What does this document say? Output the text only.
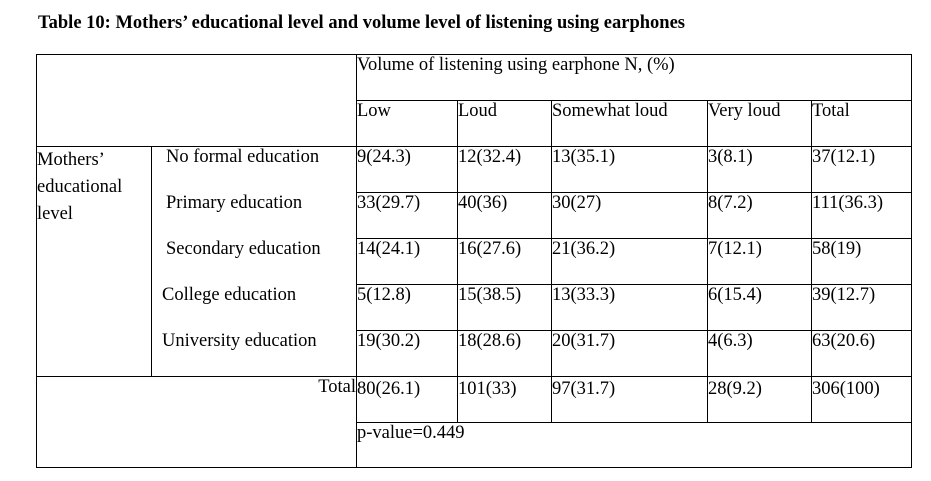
Table 10: Mothers’ educational level and volume level of listening using earphones
		Volume of listening using earphone N, (%)				
		Low	Loud	Somewhat loud	Very loud	Total
Mothers’ educational level	No formal education	9(24.3)	12(32.4)	13(35.1)	3(8.1)	37(12.1)
	Primary education	33(29.7)	40(36)	30(27)	8(7.2)	111(36.3)
	Secondary education	14(24.1)	16(27.6)	21(36.2)	7(12.1)	58(19)
	College education	5(12.8)	15(38.5)	13(33.3)	6(15.4)	39(12.7)
	University education	19(30.2)	18(28.6)	20(31.7)	4(6.3)	63(20.6)
Total		80(26.1)	101(33)	97(31.7)	28(9.2)	306(100)
		p-value=0.449				
